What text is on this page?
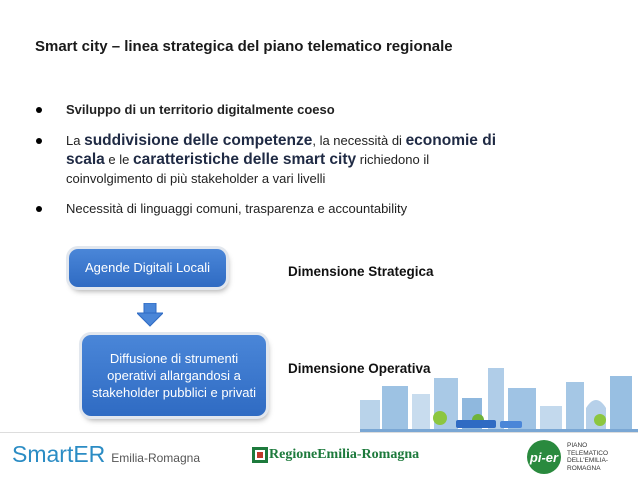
Smart city – linea strategica del piano telematico regionale
Sviluppo di un territorio digitalmente coeso
La suddivisione delle competenze, la necessità di economie di scala e le caratteristiche delle smart city richiedono il coinvolgimento di più stakeholder a vari livelli
Necessità di linguaggi comuni, trasparenza e accountability
Agende Digitali Locali
Diffusione di strumenti operativi allargandosi a stakeholder pubblici e privati
Dimensione Strategica
Dimensione Operativa
SmartER Emilia-Romagna	RegioneEmilia-Romagna	pi-er
PIANO TELEMATICO DELL'EMILIA-ROMAGNA
